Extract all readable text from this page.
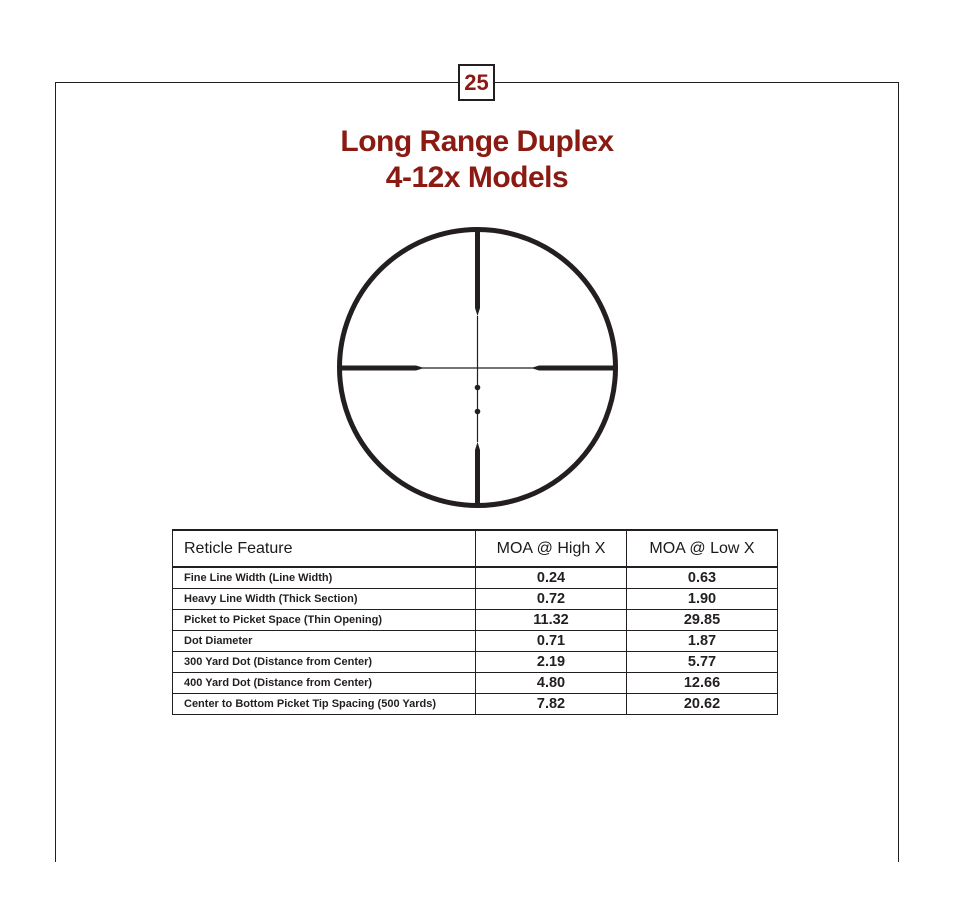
25
Long Range Duplex
4-12x Models
Reticle Feature	MOA @ High X	MOA @ Low X
Fine Line Width (Line Width)	0.24	0.63
Heavy Line Width (Thick Section)	0.72	1.90
Picket to Picket Space (Thin Opening)	11.32	29.85
Dot Diameter	0.71	1.87
300 Yard Dot (Distance from Center)	2.19	5.77
400 Yard Dot (Distance from Center)	4.80	12.66
Center to Bottom Picket Tip Spacing (500 Yards)	7.82	20.62
